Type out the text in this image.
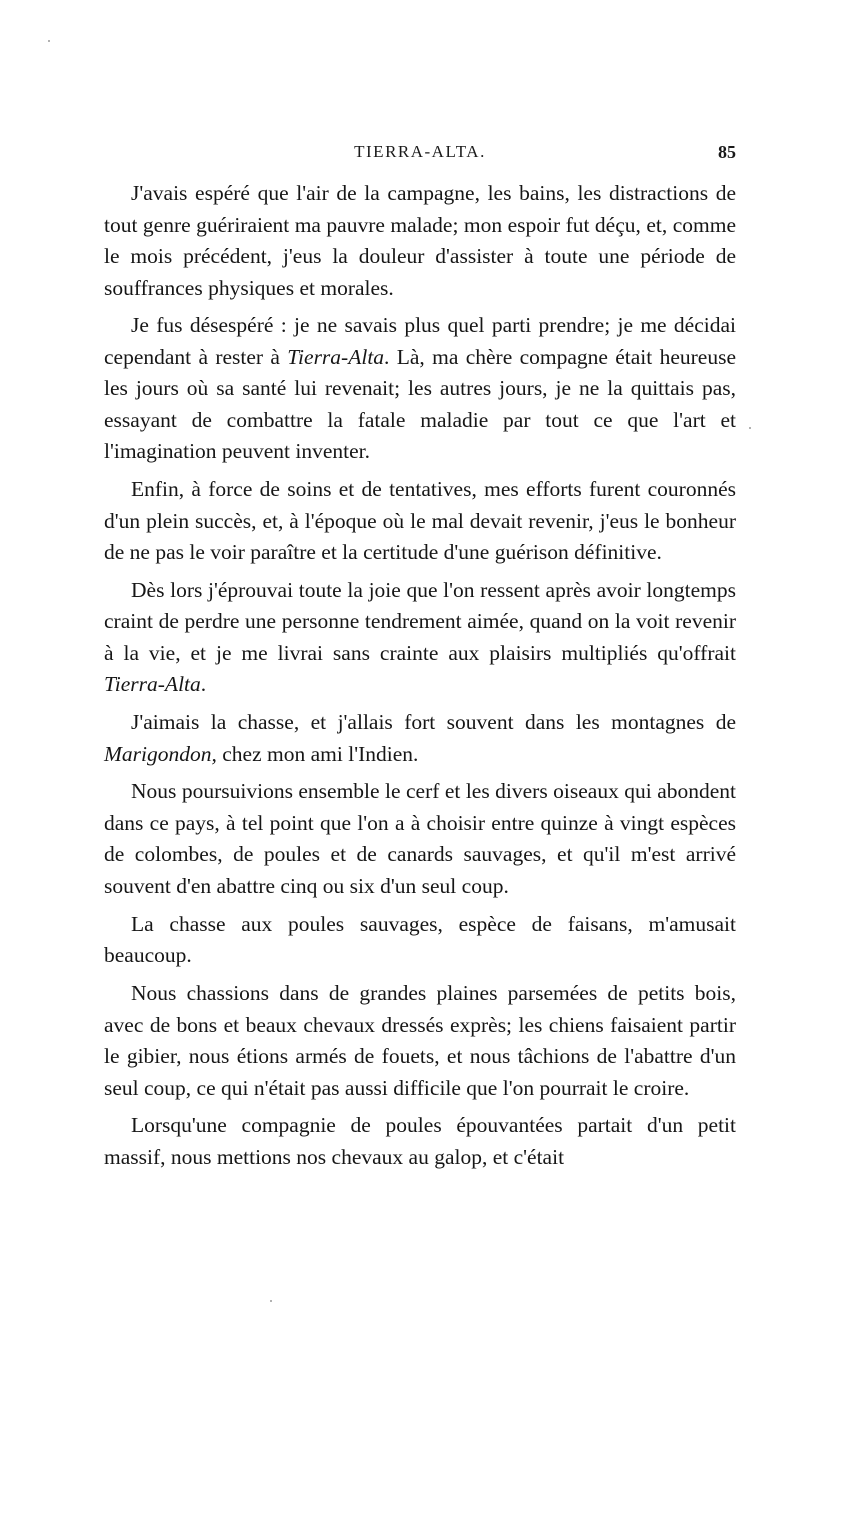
TIERRA-ALTA.	85

J'avais espéré que l'air de la campagne, les bains, les distractions de tout genre guériraient ma pauvre malade; mon espoir fut déçu, et, comme le mois précédent, j'eus la douleur d'assister à toute une période de souffrances physiques et morales.

Je fus désespéré : je ne savais plus quel parti prendre; je me décidai cependant à rester à Tierra-Alta. Là, ma chère compagne était heureuse les jours où sa santé lui revenait; les autres jours, je ne la quittais pas, essayant de combattre la fatale maladie par tout ce que l'art et l'imagination peuvent inventer.

Enfin, à force de soins et de tentatives, mes efforts furent couronnés d'un plein succès, et, à l'époque où le mal devait revenir, j'eus le bonheur de ne pas le voir paraître et la certitude d'une guérison définitive.

Dès lors j'éprouvai toute la joie que l'on ressent après avoir longtemps craint de perdre une personne tendrement aimée, quand on la voit revenir à la vie, et je me livrai sans crainte aux plaisirs multipliés qu'offrait Tierra-Alta.

J'aimais la chasse, et j'allais fort souvent dans les montagnes de Marigondon, chez mon ami l'Indien.

Nous poursuivions ensemble le cerf et les divers oiseaux qui abondent dans ce pays, à tel point que l'on a à choisir entre quinze à vingt espèces de colombes, de poules et de canards sauvages, et qu'il m'est arrivé souvent d'en abattre cinq ou six d'un seul coup.

La chasse aux poules sauvages, espèce de faisans, m'amusait beaucoup.

Nous chassions dans de grandes plaines parsemées de petits bois, avec de bons et beaux chevaux dressés exprès; les chiens faisaient partir le gibier, nous étions armés de fouets, et nous tâchions de l'abattre d'un seul coup, ce qui n'était pas aussi difficile que l'on pourrait le croire.

Lorsqu'une compagnie de poules épouvantées partait d'un petit massif, nous mettions nos chevaux au galop, et c'était
